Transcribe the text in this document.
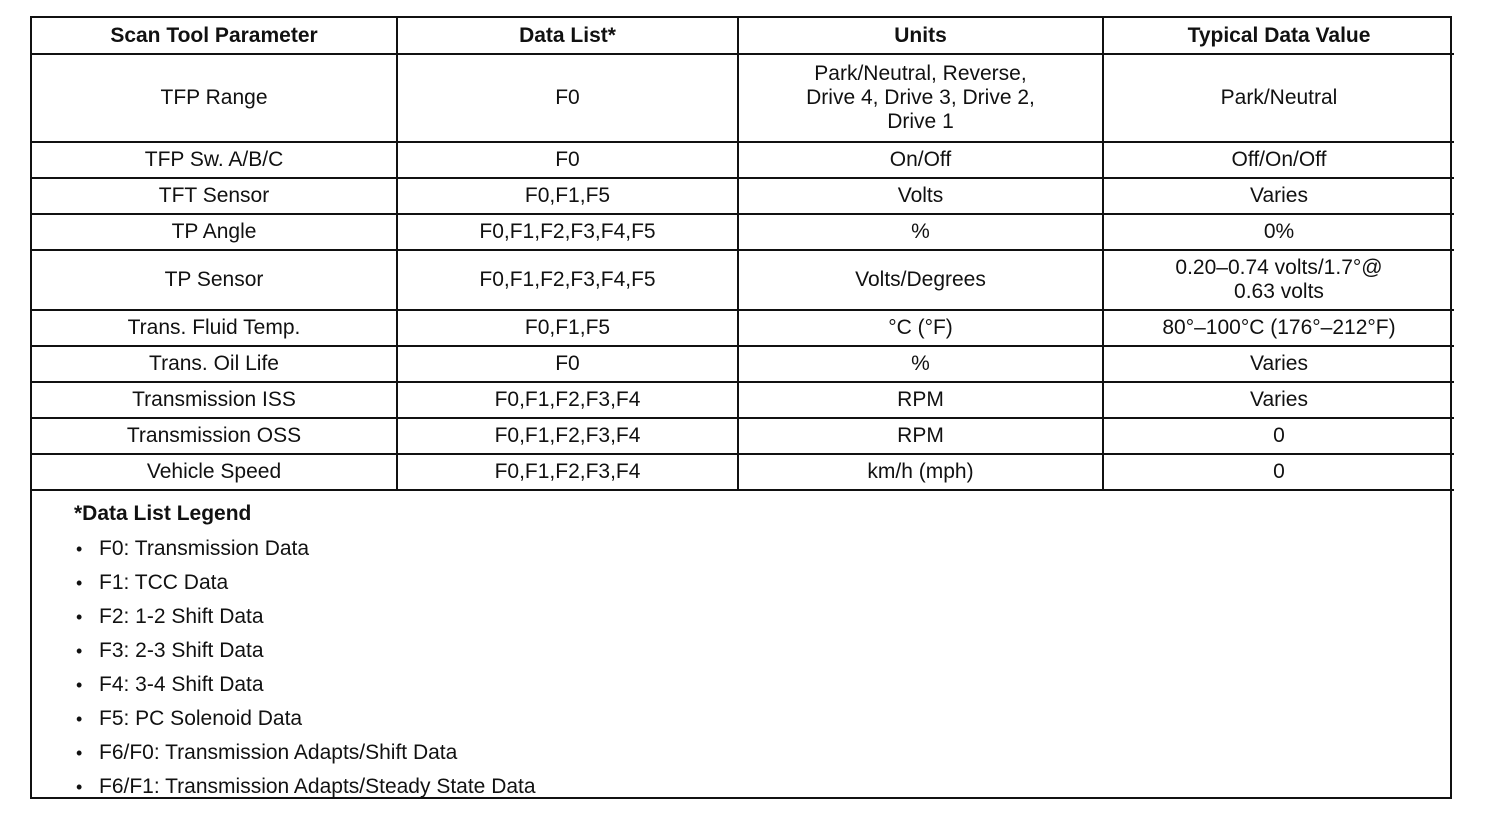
Scan Tool Parameter	Data List*	Units	Typical Data Value
TFP Range	F0	Park/Neutral, Reverse,
Drive 4, Drive 3, Drive 2,
Drive 1	Park/Neutral
TFP Sw. A/B/C	F0	On/Off	Off/On/Off
TFT Sensor	F0,F1,F5	Volts	Varies
TP Angle	F0,F1,F2,F3,F4,F5	%	0%
TP Sensor	F0,F1,F2,F3,F4,F5	Volts/Degrees	0.20–0.74 volts/1.7°@
0.63 volts

Trans. Fluid Temp.	F0,F1,F5	°C (°F)	80°–100°C (176°–212°F)
Trans. Oil Life	F0	%	Varies
Transmission ISS	F0,F1,F2,F3,F4	RPM	Varies
Transmission OSS	F0,F1,F2,F3,F4	RPM	0
Vehicle Speed	F0,F1,F2,F3,F4	km/h (mph)	0
*Data List Legend
• F0: Transmission Data
• F1: TCC Data
• F2: 1-2 Shift Data
• F3: 2-3 Shift Data
• F4: 3-4 Shift Data
• F5: PC Solenoid Data
• F6/F0: Transmission Adapts/Shift Data
• F6/F1: Transmission Adapts/Steady State Data
